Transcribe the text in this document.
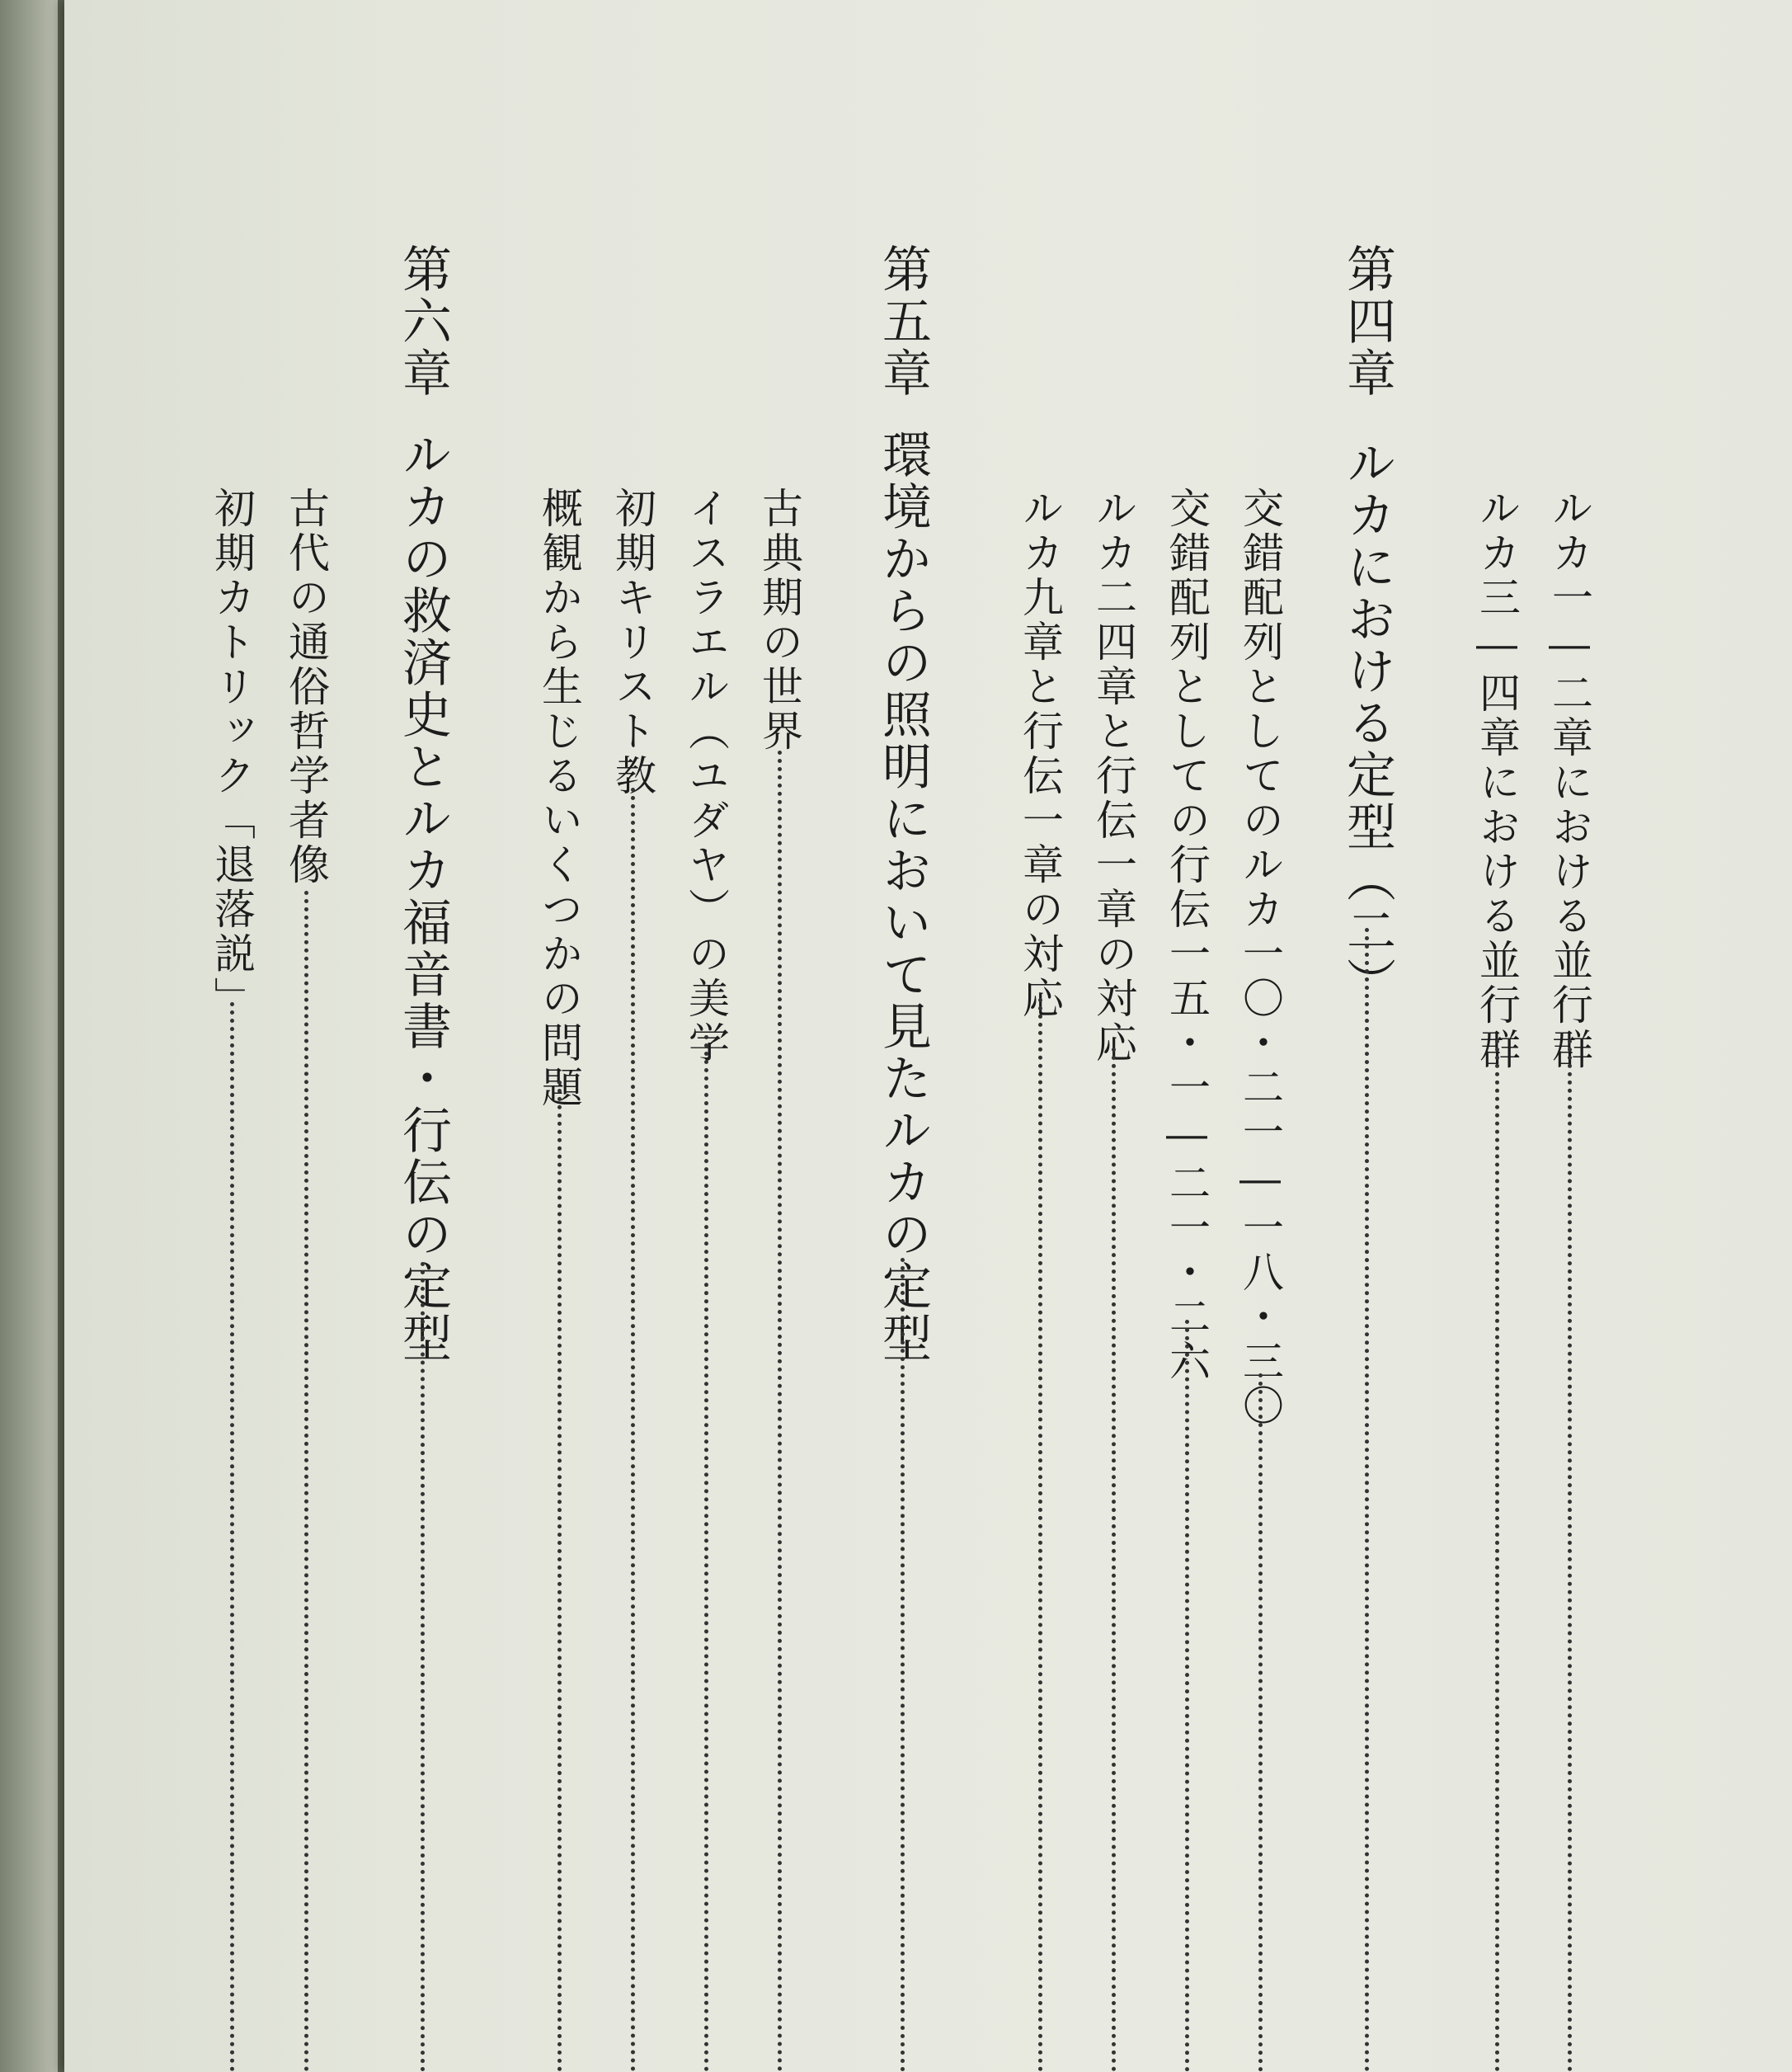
ルカ一―二章における並行群
ルカ三―四章における並行群
第四章
ルカにおける定型（二）
交錯配列としてのルカ一〇・二一―一八・三〇
交錯配列としての行伝一五・一―二一・二六
ルカ二四章と行伝一章の対応
ルカ九章と行伝一章の対応
第五章
環境からの照明において見たルカの定型
古典期の世界
イスラエル（ユダヤ）の美学
初期キリスト教
概観から生じるいくつかの問題
第六章
ルカの救済史とルカ福音書・行伝の定型
古代の通俗哲学者像
初期カトリック「退落説」
